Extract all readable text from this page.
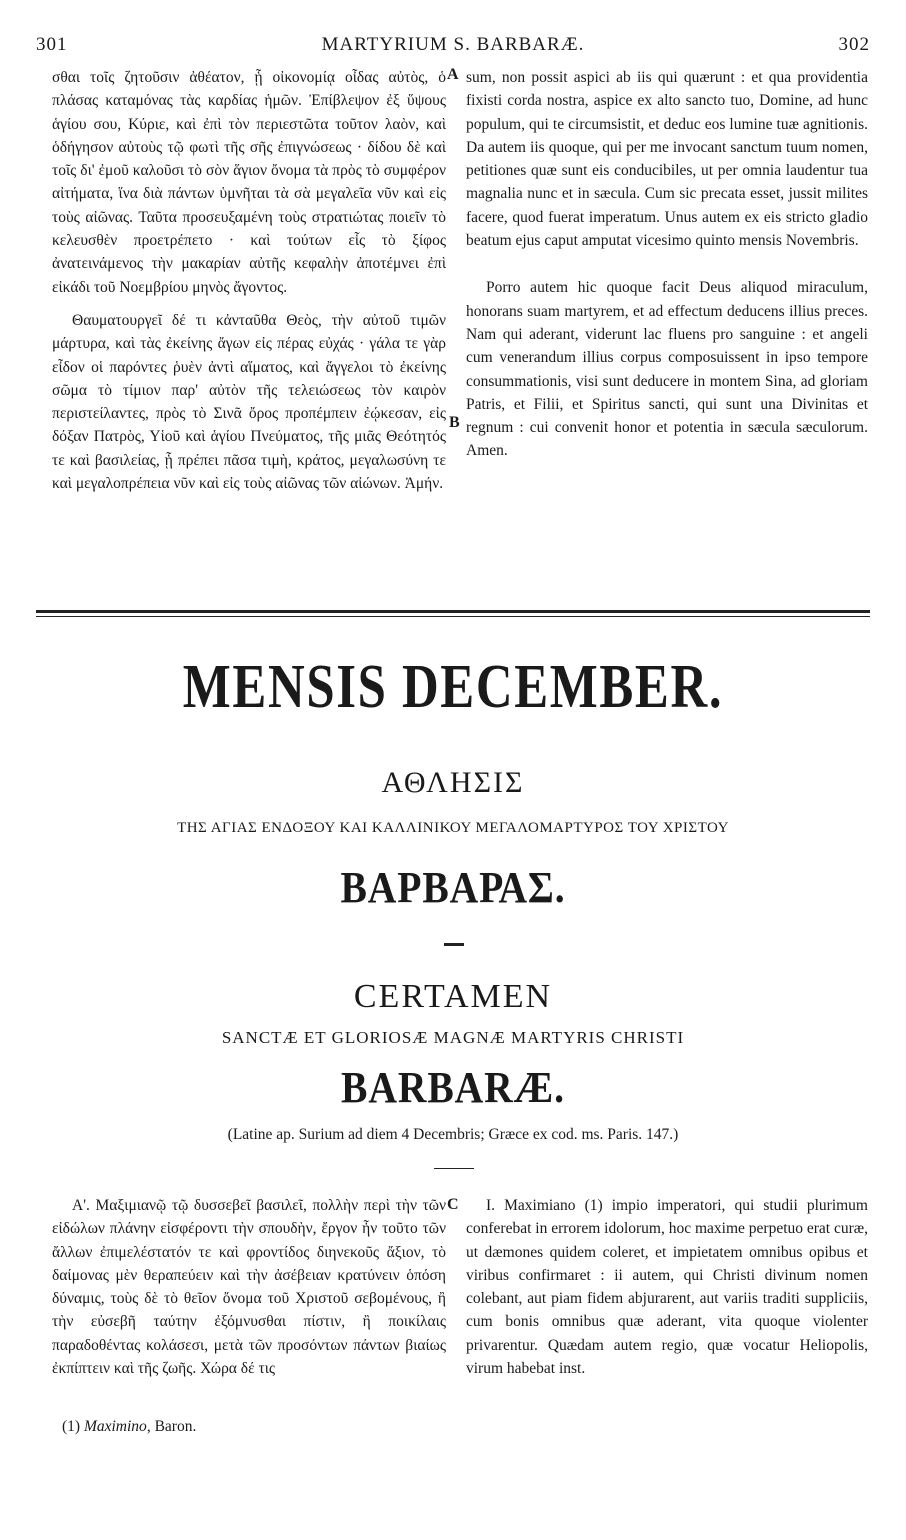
301	MARTYRIUM S. BARBARÆ.	302

σθαι τοῖς ζητοῦσιν ἀθέατον, ᾗ οἰκονομίᾳ οἶδας αὐτὸς, ὁ πλάσας καταμόνας τὰς καρδίας ἡμῶν. Ἐπίβλεψον ἐξ ὕψους ἁγίου σου, Κύριε, καὶ ἐπὶ τὸν περιεστῶτα τοῦτον λαὸν, καὶ ὁδήγησον αὐτοὺς τῷ φωτὶ τῆς σῆς ἐπιγνώσεως · δίδου δὲ καὶ τοῖς δι' ἐμοῦ καλοῦσι τὸ σὸν ἅγιον ὄνομα τὰ πρὸς τὸ συμφέρον αἰτήματα, ἵνα διὰ πάντων ὑμνῆται τὰ σὰ μεγαλεῖα νῦν καὶ εἰς τοὺς αἰῶνας. Ταῦτα προσευξαμένη τοὺς στρατιώτας ποιεῖν τὸ κελευσθὲν προετρέπετο · καὶ τούτων εἷς τὸ ξίφος ἀνατεινάμενος τὴν μακαρίαν αὐτῆς κεφαλὴν ἀποτέμνει ἐπὶ εἰκάδι τοῦ Νοεμβρίου μηνὸς ἄγοντος.

Θαυματουργεῖ δέ τι κἀνταῦθα Θεὸς, τὴν αὐτοῦ τιμῶν μάρτυρα, καὶ τὰς ἐκείνης ἄγων εἰς πέρας εὐχάς · γάλα τε γὰρ εἶδον οἱ παρόντες ῥυὲν ἀντὶ αἵματος, καὶ ἄγγελοι τὸ ἐκείνης σῶμα τὸ τίμιον παρ' αὐτὸν τῆς τελειώσεως τὸν καιρὸν περιστείλαντες, πρὸς τὸ Σινᾶ ὄρος προπέμπειν ἐῴκεσαν, εἰς δόξαν Πατρὸς, Υἱοῦ καὶ ἁγίου Πνεύματος, τῆς μιᾶς Θεότητός τε καὶ βασιλείας, ᾗ πρέπει πᾶσα τιμὴ, κράτος, μεγαλωσύνη τε καὶ μεγαλοπρέπεια νῦν καὶ εἰς τοὺς αἰῶνας τῶν αἰώνων. Ἀμήν.

A
B

sum, non possit aspici ab iis qui quærunt : et qua providentia fixisti corda nostra, aspice ex alto sancto tuo, Domine, ad hunc populum, qui te circumsistit, et deduc eos lumine tuæ agnitionis. Da autem iis quoque, qui per me invocant sanctum tuum nomen, petitiones quæ sunt eis conducibiles, ut per omnia laudentur tua magnalia nunc et in sæcula. Cum sic precata esset, jussit milites facere, quod fuerat imperatum. Unus autem ex eis stricto gladio beatum ejus caput amputat vicesimo quinto mensis Novembris.

Porro autem hic quoque facit Deus aliquod miraculum, honorans suam martyrem, et ad effectum deducens illius preces. Nam qui aderant, viderunt lac fluens pro sanguine : et angeli cum venerandum illius corpus composuissent in ipso tempore consummationis, visi sunt deducere in montem Sina, ad gloriam Patris, et Filii, et Spiritus sancti, qui sunt una Divinitas et regnum : cui convenit honor et potentia in sæcula sæculorum. Amen.

MENSIS DECEMBER.
ΑΘΛΗΣΙΣ
ΤΗΣ ΑΓΙΑΣ ΕΝΔΟΞΟΥ ΚΑΙ ΚΑΛΛΙΝΙΚΟΥ ΜΕΓΑΛΟΜΑΡΤΥΡΟΣ ΤΟΥ ΧΡΙΣΤΟΥ
ΒΑΡΒΑΡΑΣ.
CERTAMEN
SANCTÆ ET GLORIOSÆ MAGNÆ MARTYRIS CHRISTI
BARBARÆ.
(Latine ap. Surium ad diem 4 Decembris; Græce ex cod. ms. Paris. 147.)

Α'. Μαξιμιανῷ τῷ δυσσεβεῖ βασιλεῖ, πολλὴν περὶ τὴν τῶν εἰδώλων πλάνην εἰσφέροντι τὴν σπουδὴν, ἔργον ἦν τοῦτο τῶν ἄλλων ἐπιμελέστατόν τε καὶ φροντίδος διηνεκοῦς ἄξιον, τὸ δαίμονας μὲν θεραπεύειν καὶ τὴν ἀσέβειαν κρατύνειν ὁπόση δύναμις, τοὺς δὲ τὸ θεῖον ὄνομα τοῦ Χριστοῦ σεβομένους, ἢ τὴν εὐσεβῆ ταύτην ἐξόμνυσθαι πίστιν, ἢ ποικίλαις παραδοθέντας κολάσεσι, μετὰ τῶν προσόντων πάντων βιαίως ἐκπίπτειν καὶ τῆς ζωῆς. Χώρα δέ τις

C	I. Maximiano (1) impio imperatori, qui studii plurimum conferebat in errorem idolorum, hoc maxime perpetuo erat curæ, ut dæmones quidem coleret, et impietatem omnibus opibus et viribus confirmaret : ii autem, qui Christi divinum nomen colebant, aut piam fidem abjurarent, aut variis traditi suppliciis, cum bonis omnibus quæ aderant, vita quoque violenter privarentur. Quædam autem regio, quæ vocatur Heliopolis, virum habebat inst.

(1) Maximino, Baron.
